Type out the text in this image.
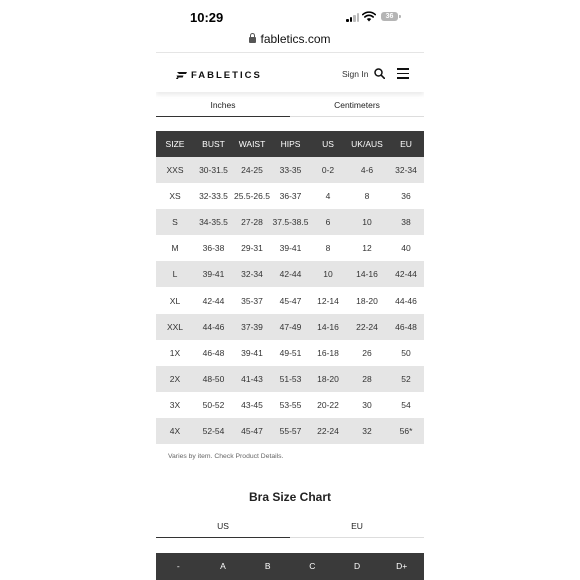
10:29	36
fabletics.com
FABLETICS	Sign In
Inches	Centimeters
SIZE	BUST	WAIST	HIPS	US	UK/AUS	EU
XXS	30-31.5	24-25	33-35	0-2	4-6	32-34
XS	32-33.5	25.5-26.5	36-37	4	8	36
S	34-35.5	27-28	37.5-38.5	6	10	38
M	36-38	29-31	39-41	8	12	40
L	39-41	32-34	42-44	10	14-16	42-44
XL	42-44	35-37	45-47	12-14	18-20	44-46
XXL	44-46	37-39	47-49	14-16	22-24	46-48
1X	46-48	39-41	49-51	16-18	26	50
2X	48-50	41-43	51-53	18-20	28	52
3X	50-52	43-45	53-55	20-22	30	54
4X	52-54	45-47	55-57	22-24	32	56*
Varies by item. Check Product Details.
Bra Size Chart
US	EU
-	A	B	C	D	D+
